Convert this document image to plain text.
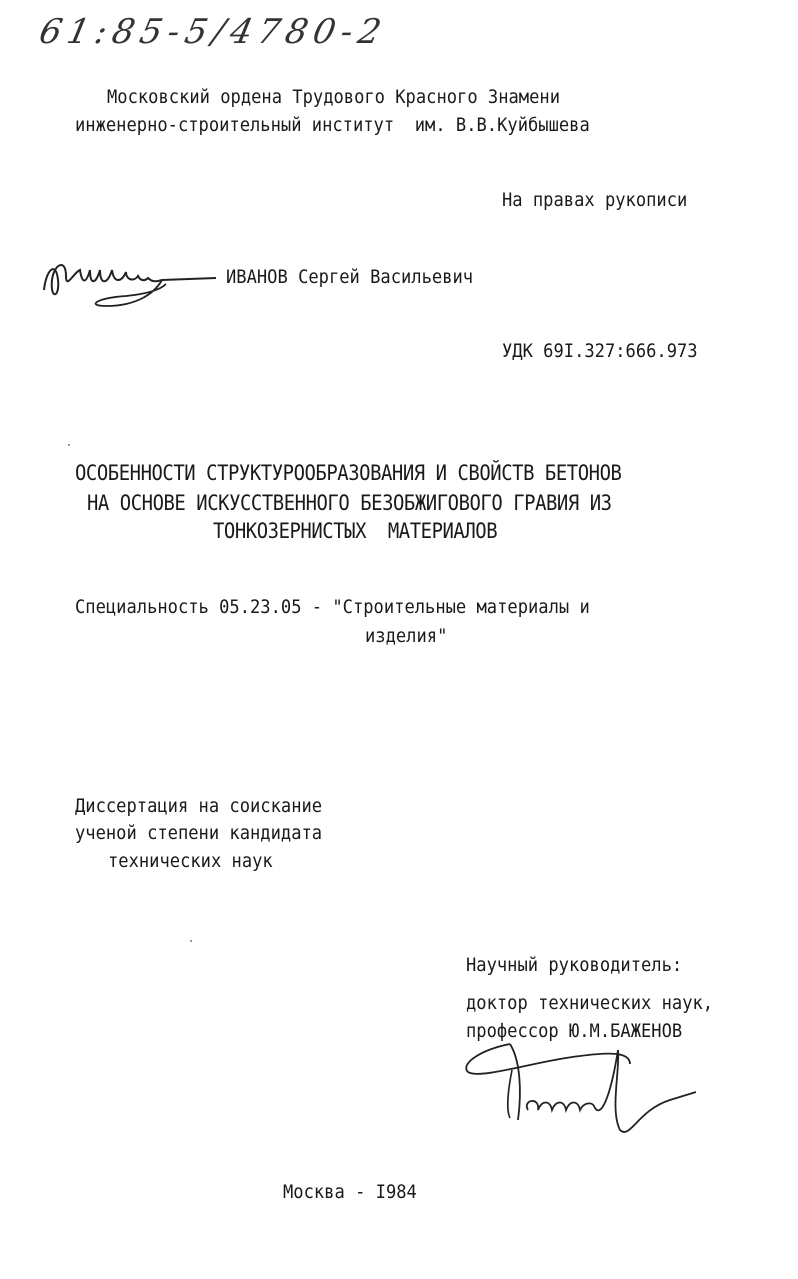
61:85-5/4780-2
Московский ордена Трудового Красного Знамени
инженерно-строительный институт  им. В.В.Куйбышева
На правах рукописи
ИВАНОВ Сергей Васильевич
УДК 69I.327:666.973
ОСОБЕННОСТИ СТРУКТУРООБРАЗОВАНИЯ И СВОЙСТВ БЕТОНОВ
НА ОСНОВЕ ИСКУССТВЕННОГО БЕЗОБЖИГОВОГО ГРАВИЯ ИЗ
ТОНКОЗЕРНИСТЫХ  МАТЕРИАЛОВ
Специальность 05.23.05 - "Строительные материалы и
изделия"
Диссертация на соискание
ученой степени кандидата
технических наук
Научный руководитель:
доктор технических наук,
профессор Ю.М.БАЖЕНОВ
Москва - I984
